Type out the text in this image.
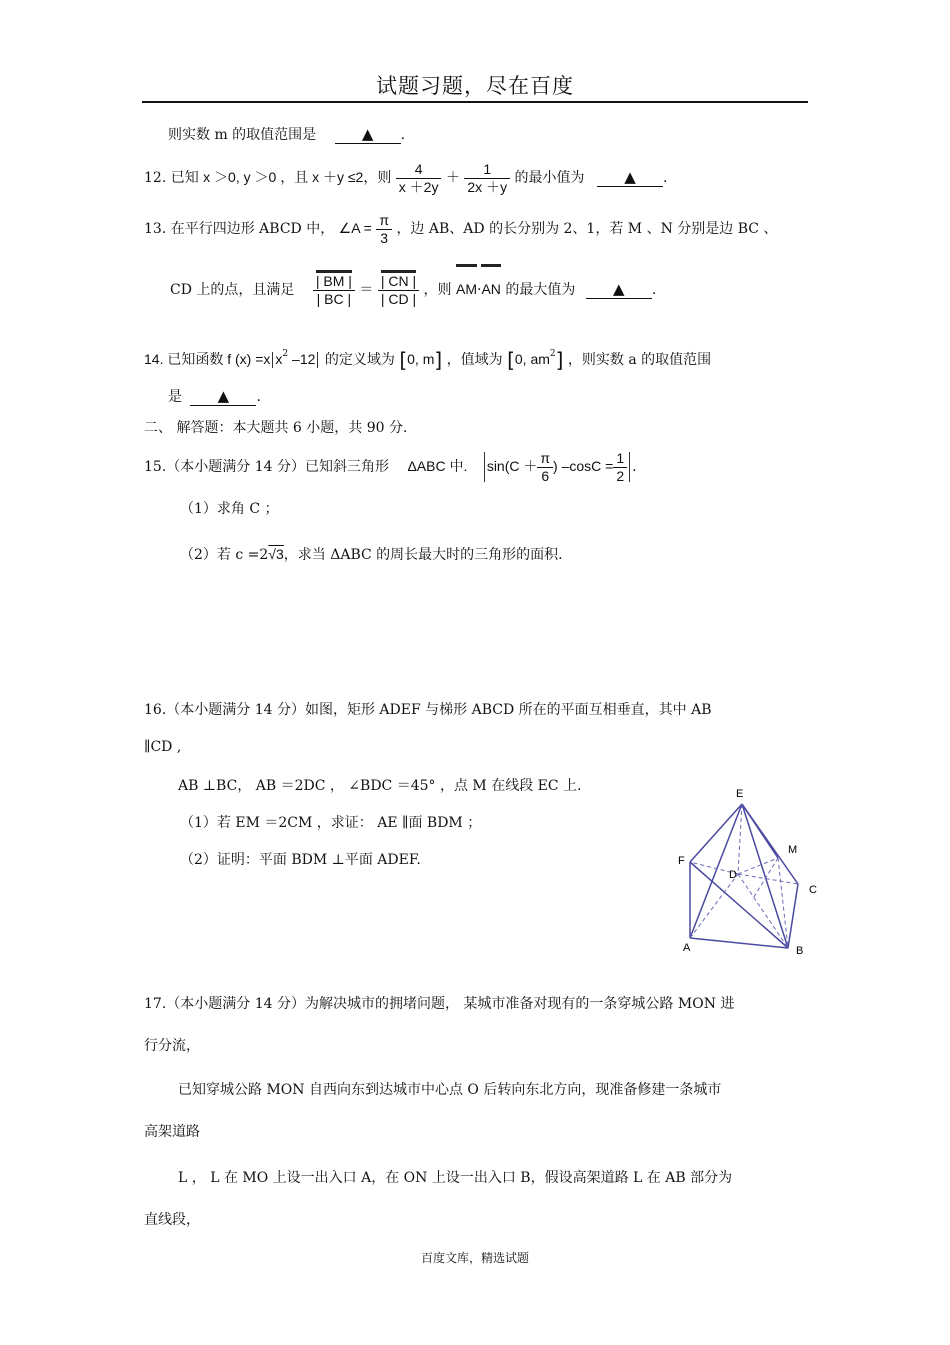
试题习题，尽在百度
则实数 m 的取值范围是	▲ .
12. 已知 x ＞0, y ＞0 ，且 x ＋y ≤2，则 $\frac{4}{x +2y} + \frac{1}{2x +y}$ 的最小值为	▲ .
13. 在平行四边形 ABCD 中， ∠A = $\frac{\pi}{3}$ ，边 AB、AD 的长分别为 2、1，若 M 、N 分别是边 BC 、
CD 上的点，且满足 $\frac{| BM |}{| BC |} = \frac{| CN |}{| CD |}$ ，则 AM·AN 的最大值为	▲ .
14. 已知函数 f (x) =x $x^2$ –12 的定义域为 [0, m] ，值域为 [0, $am^2$] ，则实数 a 的取值范围
是 ▲ .
二、 解答题：本大题共 6 小题，共 90 分.
15.（本小题满分 14 分）已知斜三角形 ΔABC 中. $\sin(C + \frac{\pi}{6}$ ) $-\cos C = \frac{1}{2}$ .
（1）求角 C ；
（2）若 c =2√3，求当 ΔABC 的周长最大时的三角形的面积.
16.（本小题满分 14 分）如图，矩形 ADEF 与梯形 ABCD 所在的平面互相垂直，其中 AB
∥CD ,
AB ⊥BC， AB ＝2DC ， ∠BDC ＝45° ，点 M 在线段 EC 上.
（1）若 EM ＝2CM ，求证： AE ∥面 BDM ；
（2）证明：平面 BDM ⊥平面 ADEF.
E
M
F
D
C
A	B
17.（本小题满分 14 分）为解决城市的拥堵问题， 某城市准备对现有的一条穿城公路 MON 进
行分流，
已知穿城公路 MON 自西向东到达城市中心点 O 后转向东北方向，现准备修建一条城市
高架道路
L ， L 在 MO 上设一出入口 A，在 ON 上设一出入口 B，假设高架道路 L 在 AB 部分为
直线段，
百度文库，精选试题
